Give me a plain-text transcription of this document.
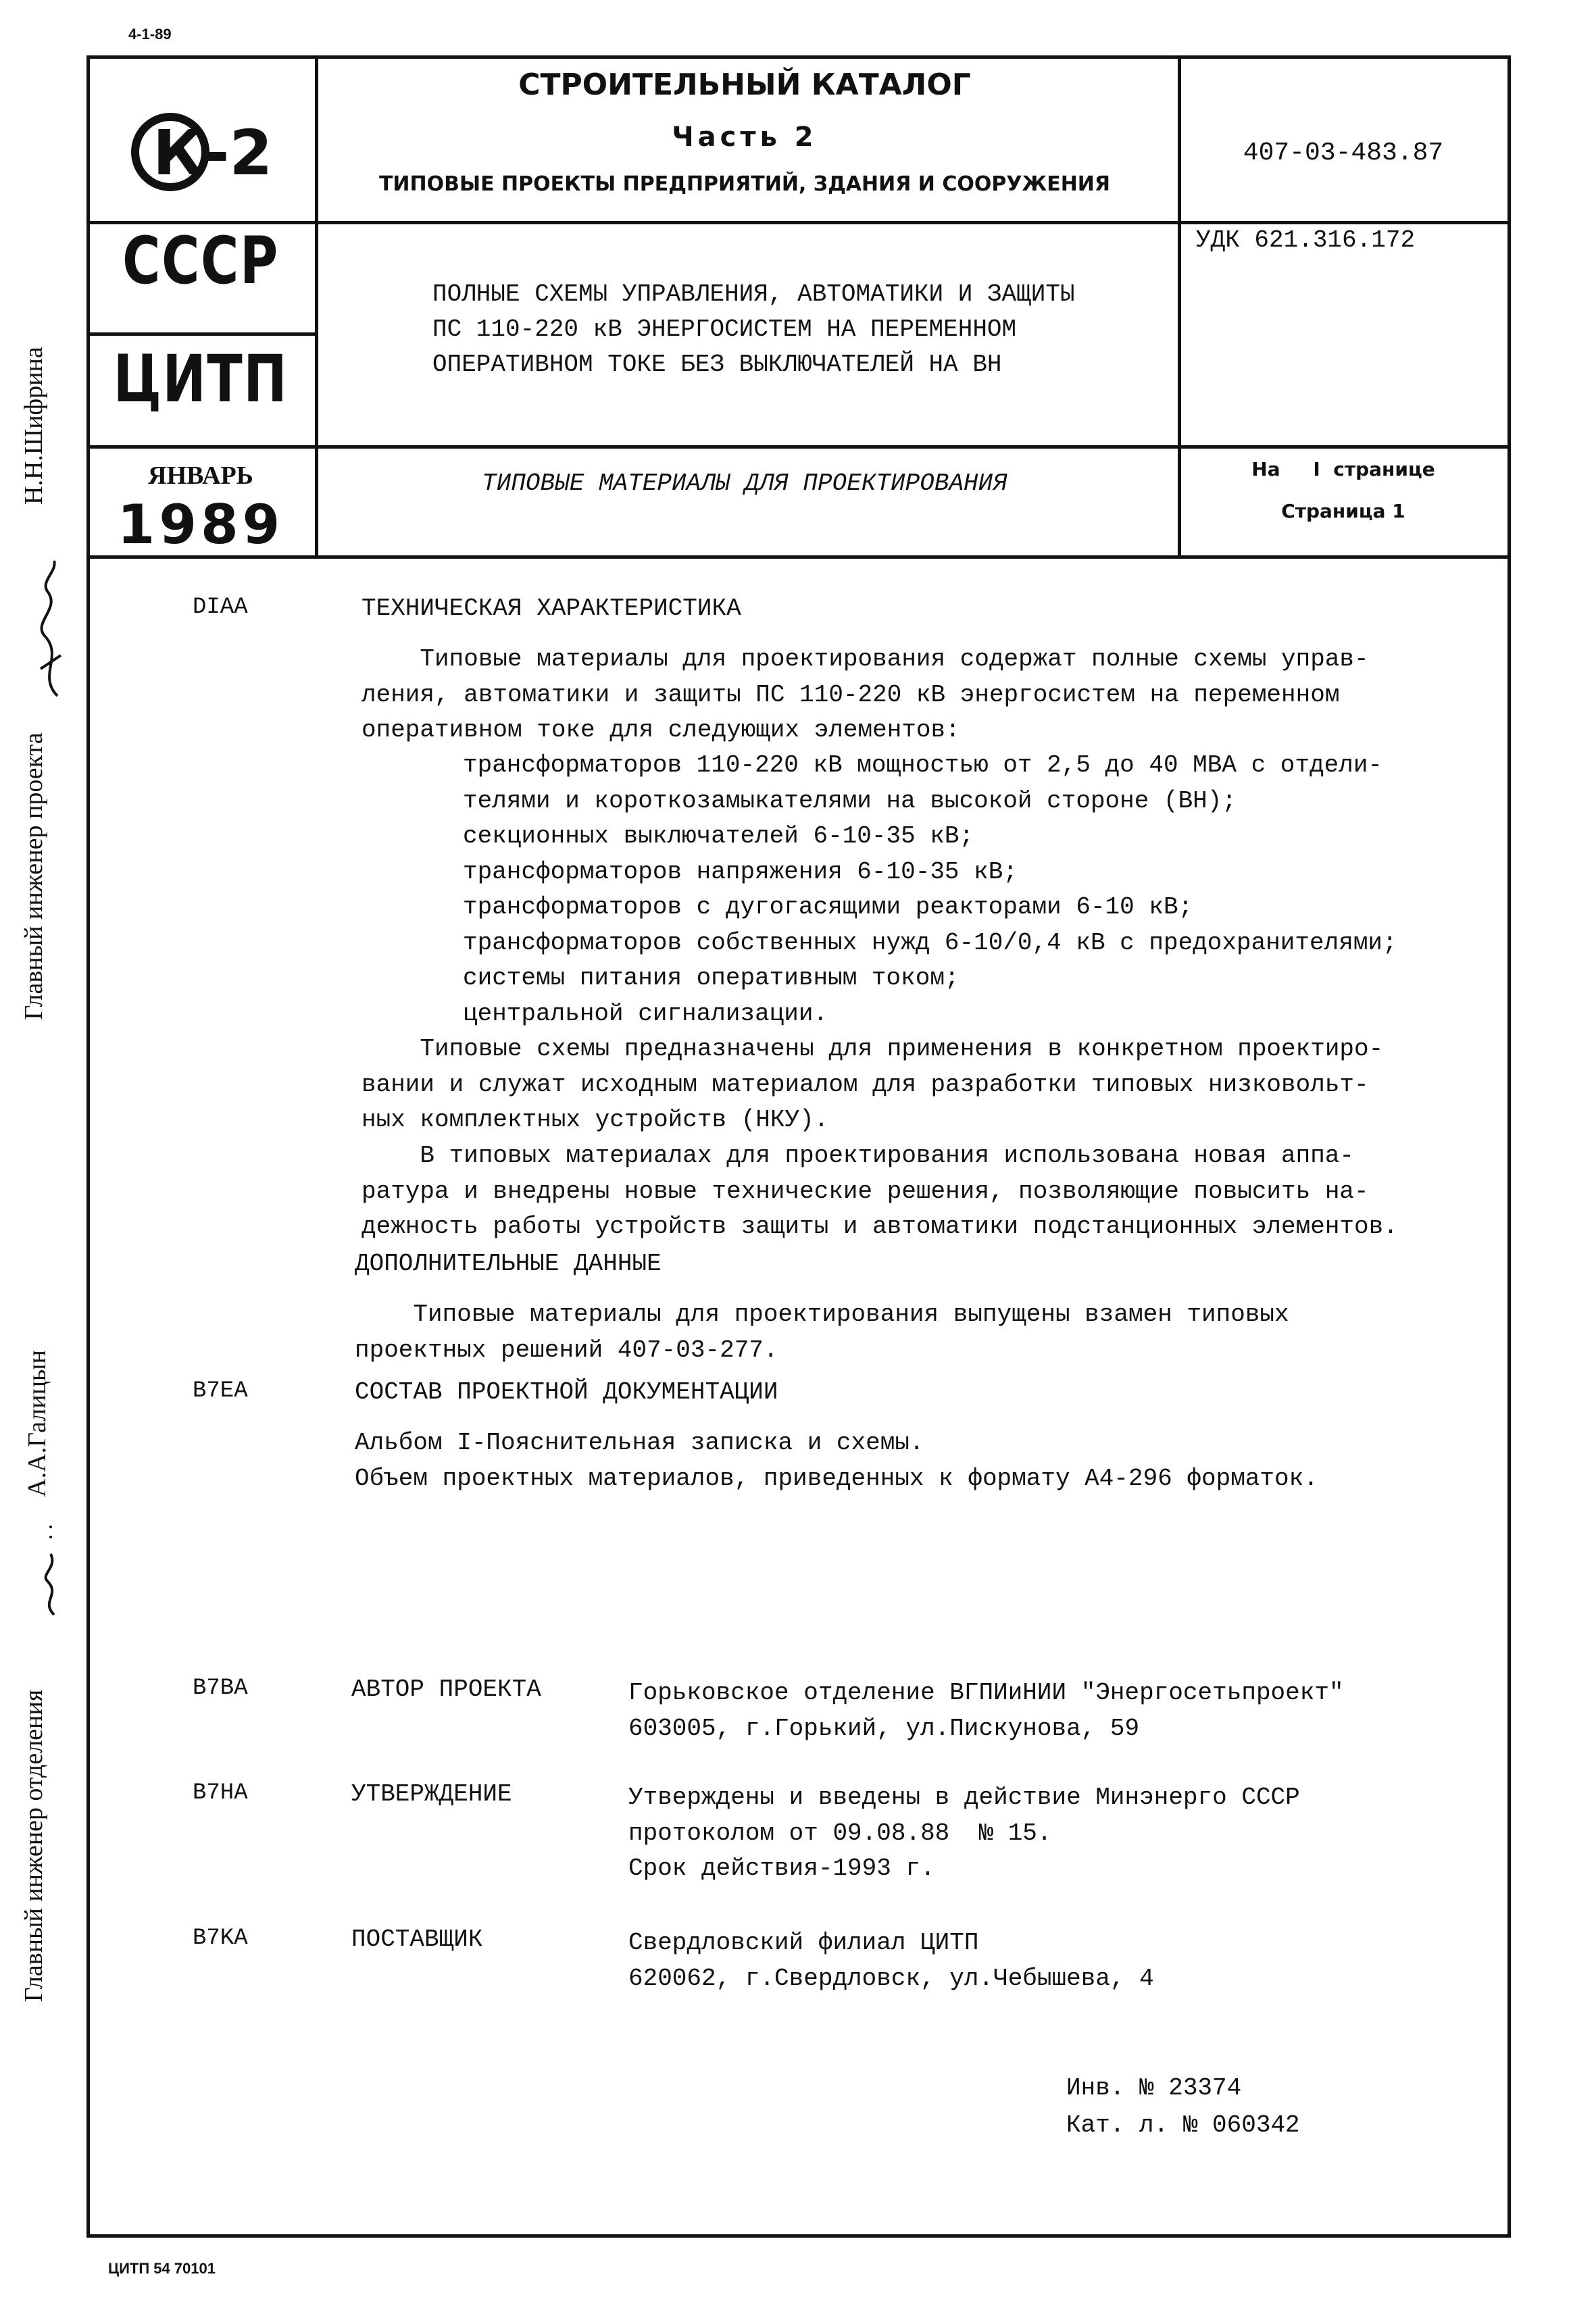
4-1-89
К-2
СССР
ЦИТП
ЯНВАРЬ
1989
СТРОИТЕЛЬНЫЙ КАТАЛОГ
Часть 2
ТИПОВЫЕ ПРОЕКТЫ ПРЕДПРИЯТИЙ, ЗДАНИЯ И СООРУЖЕНИЯ
407-03-483.87
УДК 621.316.172
ПОЛНЫЕ СХЕМЫ УПРАВЛЕНИЯ, АВТОМАТИКИ И ЗАЩИТЫ
ПС 110-220 кВ ЭНЕРГОСИСТЕМ НА ПЕРЕМЕННОМ
ОПЕРАТИВНОМ ТОКЕ БЕЗ ВЫКЛЮЧАТЕЛЕЙ НА ВН
ТИПОВЫЕ МАТЕРИАЛЫ ДЛЯ ПРОЕКТИРОВАНИЯ
На     I  странице
Страница 1
Главный инженер проекта
Н.Н.Шифрина
Главный инженер отделения
А.А.Галицын
DIAA	ТЕХНИЧЕСКАЯ ХАРАКТЕРИСТИКА
Типовые материалы для проектирования содержат полные схемы управ-
ления, автоматики и защиты ПС 110-220 кВ энергосистем на переменном
оперативном токе для следующих элементов:
трансформаторов 110-220 кВ мощностью от 2,5 до 40 МВА с отдели-
телями и короткозамыкателями на высокой стороне (ВН);
секционных выключателей 6-10-35 кВ;
трансформаторов напряжения 6-10-35 кВ;
трансформаторов с дугогасящими реакторами 6-10 кВ;
трансформаторов собственных нужд 6-10/0,4 кВ с предохранителями;
системы питания оперативным током;
центральной сигнализации.
Типовые схемы предназначены для применения в конкретном проектиро-
вании и служат исходным материалом для разработки типовых низковольт-
ных комплектных устройств (НКУ).
В типовых материалах для проектирования использована новая аппа-
ратура и внедрены новые технические решения, позволяющие повысить на-
дежность работы устройств защиты и автоматики подстанционных элементов.
ДОПОЛНИТЕЛЬНЫЕ ДАННЫЕ
Типовые материалы для проектирования выпущены взамен типовых
проектных решений 407-03-277.
B7EA	СОСТАВ ПРОЕКТНОЙ ДОКУМЕНТАЦИИ
Альбом I-Пояснительная записка и схемы.
Объем проектных материалов, приведенных к формату А4-296 форматок.
B7BA	АВТОР ПРОЕКТА	Горьковское отделение ВГПИиНИИ "Энергосетьпроект"
603005, г.Горький, ул.Пискунова, 59
B7HA	УТВЕРЖДЕНИЕ	Утверждены и введены в действие Минэнерго СССР
протоколом от 09.08.88  № 15.
Срок действия-1993 г.
B7KA	ПОСТАВЩИК	Свердловский филиал ЦИТП
620062, г.Свердловск, ул.Чебышева, 4
Инв. № 23374
Кат. л. № 060342
ЦИТП 54 70101
